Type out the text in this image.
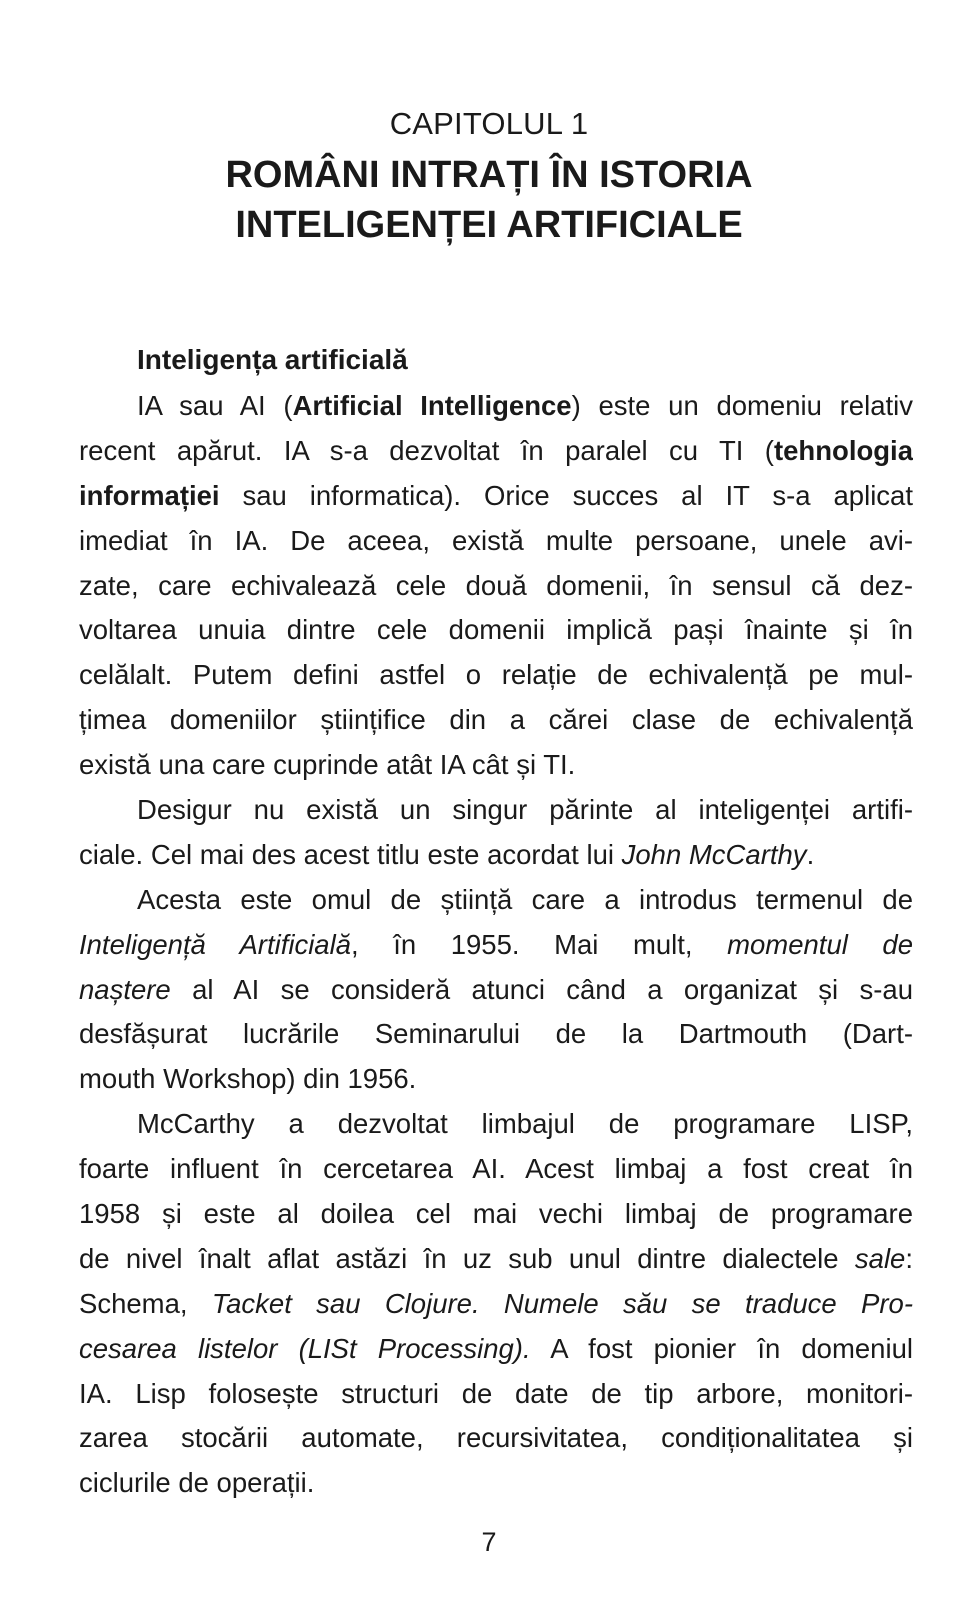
CAPITOLUL 1
ROMÂNI INTRAȚI ÎN ISTORIA
INTELIGENȚEI ARTIFICIALE
Inteligența artificială
IA sau AI (Artificial Intelligence) este un domeniu relativ
recent apărut. IA s-a dezvoltat în paralel cu TI (tehnologia
informației sau informatica). Orice succes al IT s-a aplicat
imediat în IA. De aceea, există multe persoane, unele avi-
zate, care echivalează cele două domenii, în sensul că dez-
voltarea unuia dintre cele domenii implică pași înainte și în
celălalt. Putem defini astfel o relație de echivalență pe mul-
țimea domeniilor științifice din a cărei clase de echivalență
există una care cuprinde atât IA cât și TI.
Desigur nu există un singur părinte al inteligenței artifi-
ciale. Cel mai des acest titlu este acordat lui John McCarthy.
Acesta este omul de știință care a introdus termenul de
Inteligență Artificială, în 1955. Mai mult, momentul de
naștere al AI se consideră atunci când a organizat și s-au
desfășurat lucrările Seminarului de la Dartmouth (Dart-
mouth Workshop) din 1956.
McCarthy a dezvoltat limbajul de programare LISP,
foarte influent în cercetarea AI. Acest limbaj a fost creat în
1958 și este al doilea cel mai vechi limbaj de programare
de nivel înalt aflat astăzi în uz sub unul dintre dialectele sale:
Schema, Tacket sau Clojure. Numele său se traduce Pro-
cesarea listelor (LISt Processing). A fost pionier în domeniul
IA. Lisp folosește structuri de date de tip arbore, monitori-
zarea stocării automate, recursivitatea, condiționalitatea și
ciclurile de operații.
7
